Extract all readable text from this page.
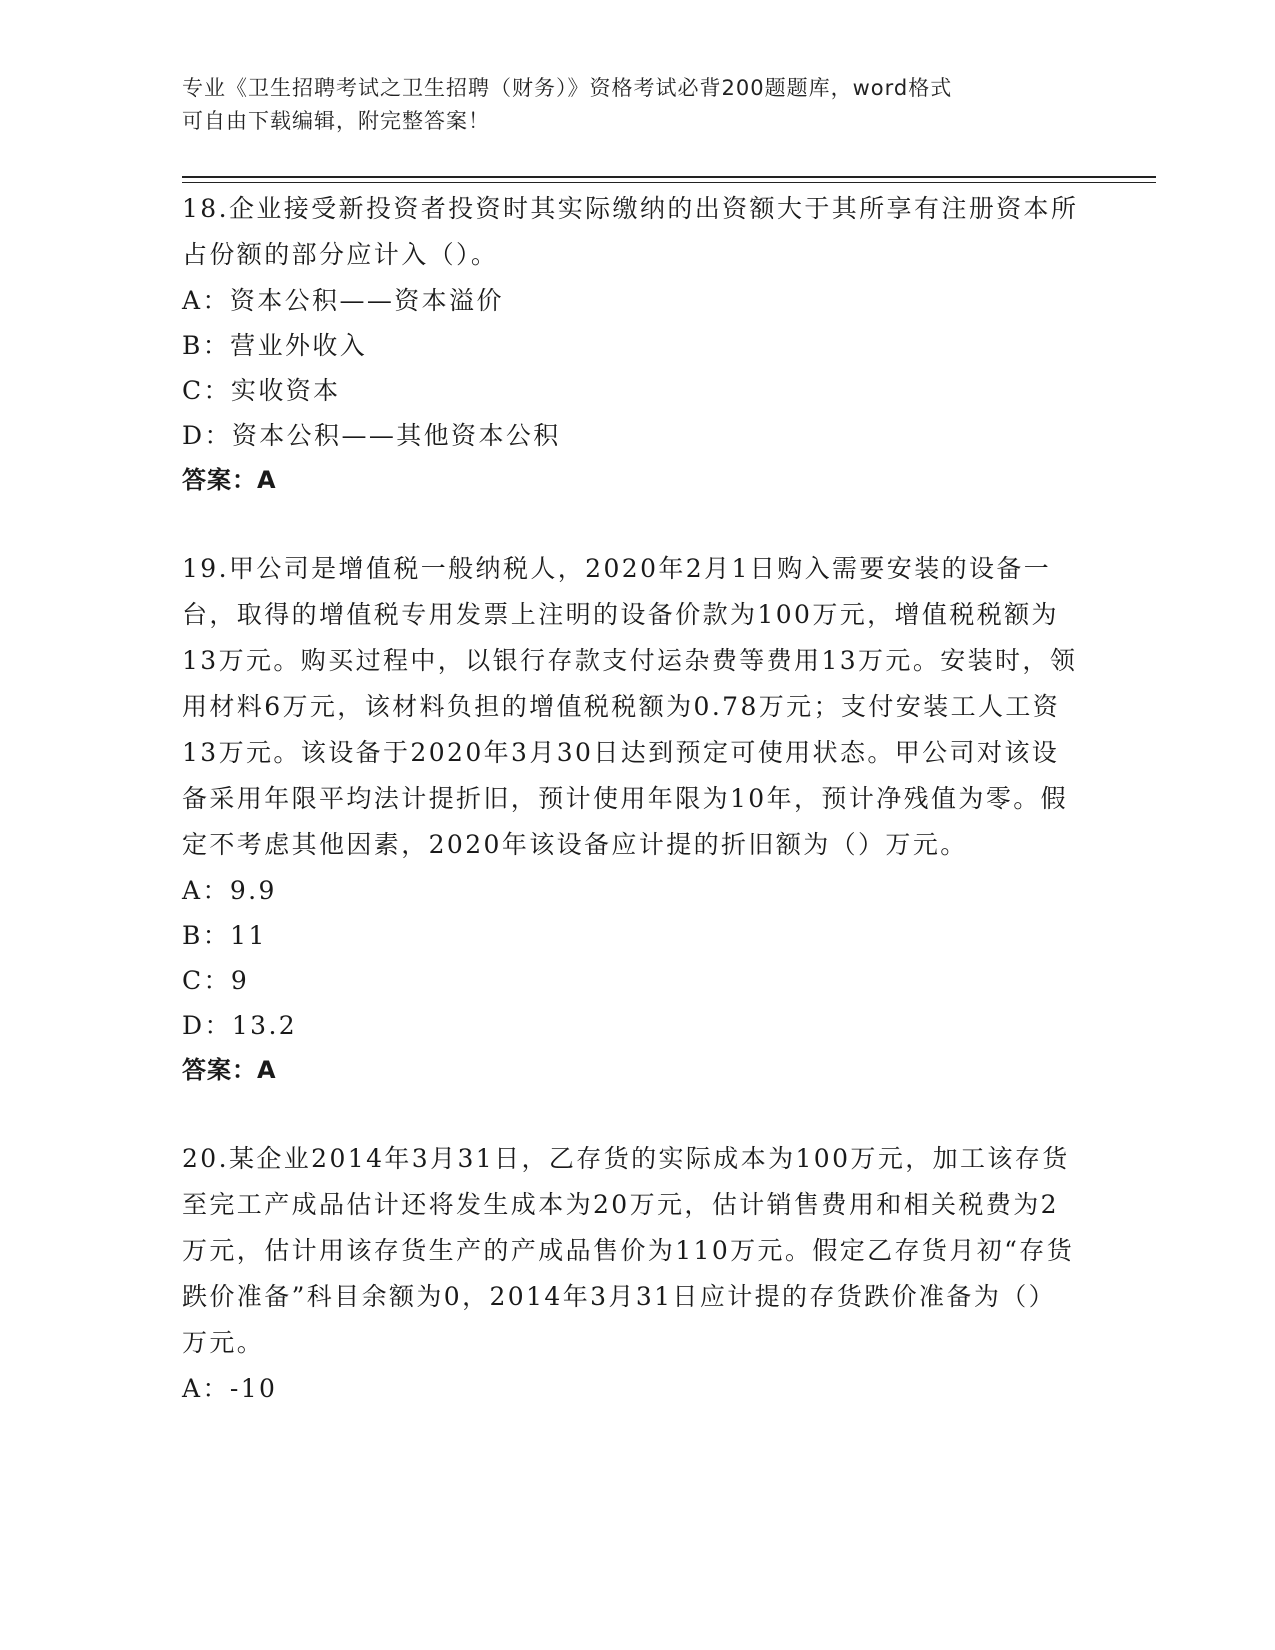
专业《卫生招聘考试之卫生招聘（财务）》资格考试必背200题题库，word格式
可自由下载编辑，附完整答案！

18.企业接受新投资者投资时其实际缴纳的出资额大于其所享有注册资本所占份额的部分应计入（）。

A：资本公积——资本溢价

B：营业外收入

C：实收资本

D：资本公积——其他资本公积

答案：A

19.甲公司是增值税一般纳税人，2020年2月1日购入需要安装的设备一台，取得的增值税专用发票上注明的设备价款为100万元，增值税税额为13万元。购买过程中，以银行存款支付运杂费等费用13万元。安装时，领用材料6万元，该材料负担的增值税税额为0.78万元；支付安装工人工资13万元。该设备于2020年3月30日达到预定可使用状态。甲公司对该设备采用年限平均法计提折旧，预计使用年限为10年，预计净残值为零。假定不考虑其他因素，2020年该设备应计提的折旧额为（）万元。

A：9.9

B：11

C：9

D：13.2

答案：A

20.某企业2014年3月31日，乙存货的实际成本为100万元，加工该存货至完工产成品估计还将发生成本为20万元，估计销售费用和相关税费为2万元，估计用该存货生产的产成品售价为110万元。假定乙存货月初“存货跌价准备”科目余额为0，2014年3月31日应计提的存货跌价准备为（）万元。

A：-10
